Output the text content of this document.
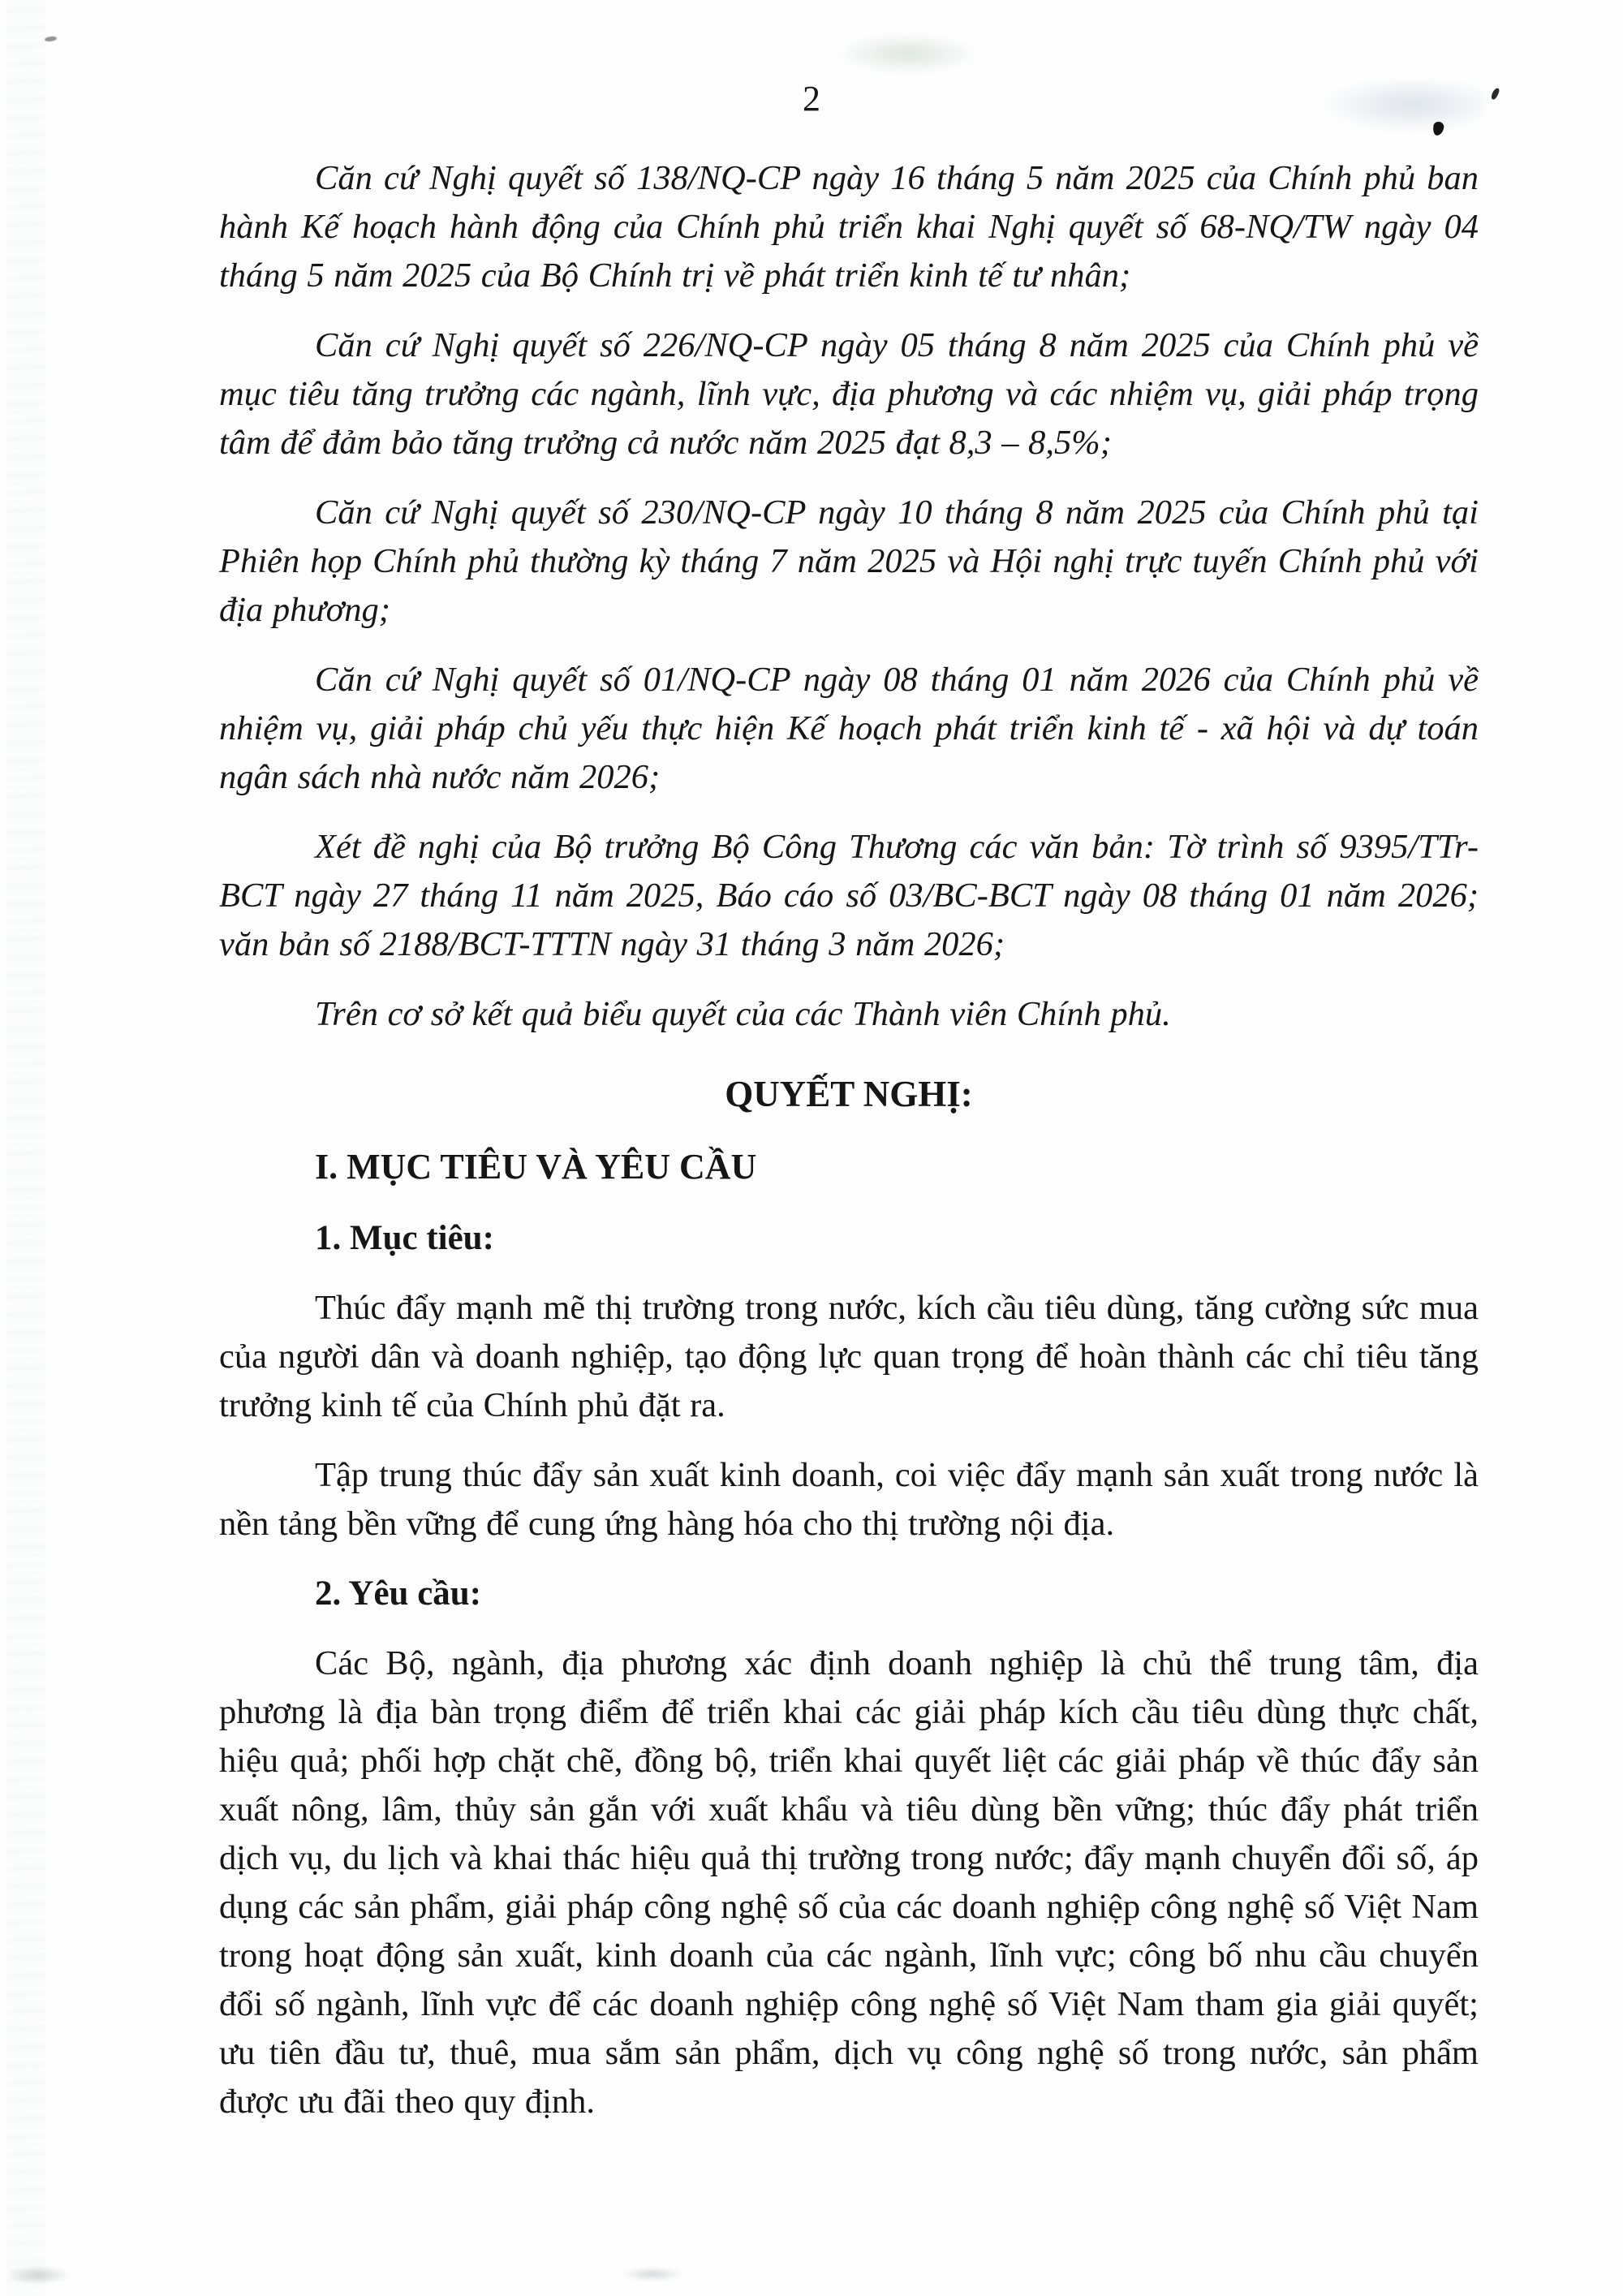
2

Căn cứ Nghị quyết số 138/NQ-CP ngày 16 tháng 5 năm 2025 của Chính phủ ban hành Kế hoạch hành động của Chính phủ triển khai Nghị quyết số 68-NQ/TW ngày 04 tháng 5 năm 2025 của Bộ Chính trị về phát triển kinh tế tư nhân;

Căn cứ Nghị quyết số 226/NQ-CP ngày 05 tháng 8 năm 2025 của Chính phủ về mục tiêu tăng trưởng các ngành, lĩnh vực, địa phương và các nhiệm vụ, giải pháp trọng tâm để đảm bảo tăng trưởng cả nước năm 2025 đạt 8,3 – 8,5%;

Căn cứ Nghị quyết số 230/NQ-CP ngày 10 tháng 8 năm 2025 của Chính phủ tại Phiên họp Chính phủ thường kỳ tháng 7 năm 2025 và Hội nghị trực tuyến Chính phủ với địa phương;

Căn cứ Nghị quyết số 01/NQ-CP ngày 08 tháng 01 năm 2026 của Chính phủ về nhiệm vụ, giải pháp chủ yếu thực hiện Kế hoạch phát triển kinh tế - xã hội và dự toán ngân sách nhà nước năm 2026;

Xét đề nghị của Bộ trưởng Bộ Công Thương các văn bản: Tờ trình số 9395/TTr-BCT ngày 27 tháng 11 năm 2025, Báo cáo số 03/BC-BCT ngày 08 tháng 01 năm 2026; văn bản số 2188/BCT-TTTN ngày 31 tháng 3 năm 2026;

Trên cơ sở kết quả biểu quyết của các Thành viên Chính phủ.

QUYẾT NGHỊ:
I. MỤC TIÊU VÀ YÊU CẦU
1. Mục tiêu:

Thúc đẩy mạnh mẽ thị trường trong nước, kích cầu tiêu dùng, tăng cường sức mua của người dân và doanh nghiệp, tạo động lực quan trọng để hoàn thành các chỉ tiêu tăng trưởng kinh tế của Chính phủ đặt ra.

Tập trung thúc đẩy sản xuất kinh doanh, coi việc đẩy mạnh sản xuất trong nước là nền tảng bền vững để cung ứng hàng hóa cho thị trường nội địa.

2. Yêu cầu:

Các Bộ, ngành, địa phương xác định doanh nghiệp là chủ thể trung tâm, địa phương là địa bàn trọng điểm để triển khai các giải pháp kích cầu tiêu dùng thực chất, hiệu quả; phối hợp chặt chẽ, đồng bộ, triển khai quyết liệt các giải pháp về thúc đẩy sản xuất nông, lâm, thủy sản gắn với xuất khẩu và tiêu dùng bền vững; thúc đẩy phát triển dịch vụ, du lịch và khai thác hiệu quả thị trường trong nước; đẩy mạnh chuyển đổi số, áp dụng các sản phẩm, giải pháp công nghệ số của các doanh nghiệp công nghệ số Việt Nam trong hoạt động sản xuất, kinh doanh của các ngành, lĩnh vực; công bố nhu cầu chuyển đổi số ngành, lĩnh vực để các doanh nghiệp công nghệ số Việt Nam tham gia giải quyết; ưu tiên đầu tư, thuê, mua sắm sản phẩm, dịch vụ công nghệ số trong nước, sản phẩm được ưu đãi theo quy định.
